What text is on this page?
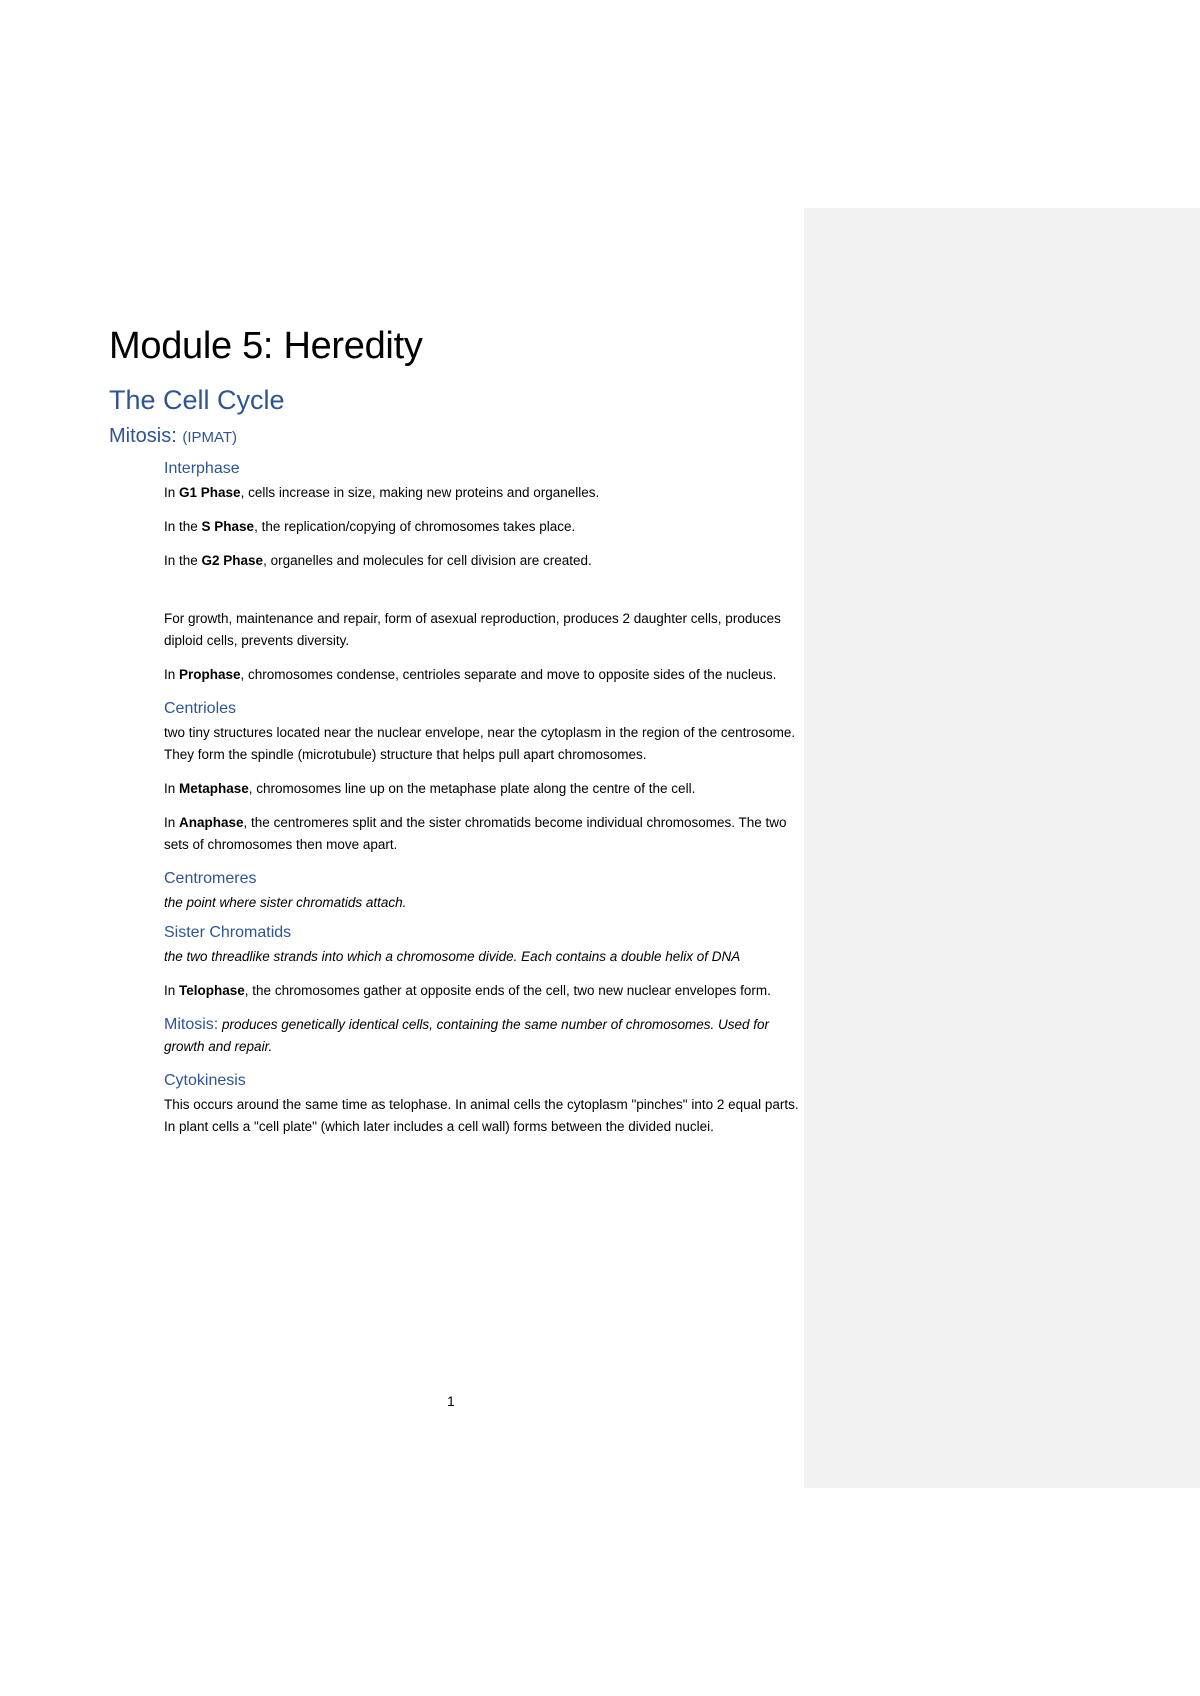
Module 5: Heredity
The Cell Cycle
Mitosis: (IPMAT)
Interphase
In G1 Phase, cells increase in size, making new proteins and organelles.
In the S Phase, the replication/copying of chromosomes takes place.
In the G2 Phase, organelles and molecules for cell division are created.
For growth, maintenance and repair, form of asexual reproduction, produces 2 daughter cells, produces diploid cells, prevents diversity.
In Prophase, chromosomes condense, centrioles separate and move to opposite sides of the nucleus.
Centrioles
two tiny structures located near the nuclear envelope, near the cytoplasm in the region of the centrosome. They form the spindle (microtubule) structure that helps pull apart chromosomes.
In Metaphase, chromosomes line up on the metaphase plate along the centre of the cell.
In Anaphase, the centromeres split and the sister chromatids become individual chromosomes. The two sets of chromosomes then move apart.
Centromeres
the point where sister chromatids attach.
Sister Chromatids
the two threadlike strands into which a chromosome divide. Each contains a double helix of DNA
In Telophase, the chromosomes gather at opposite ends of the cell, two new nuclear envelopes form.
Mitosis: produces genetically identical cells, containing the same number of chromosomes. Used for growth and repair.
Cytokinesis
This occurs around the same time as telophase. In animal cells the cytoplasm "pinches" into 2 equal parts. In plant cells a "cell plate" (which later includes a cell wall) forms between the divided nuclei.
1
